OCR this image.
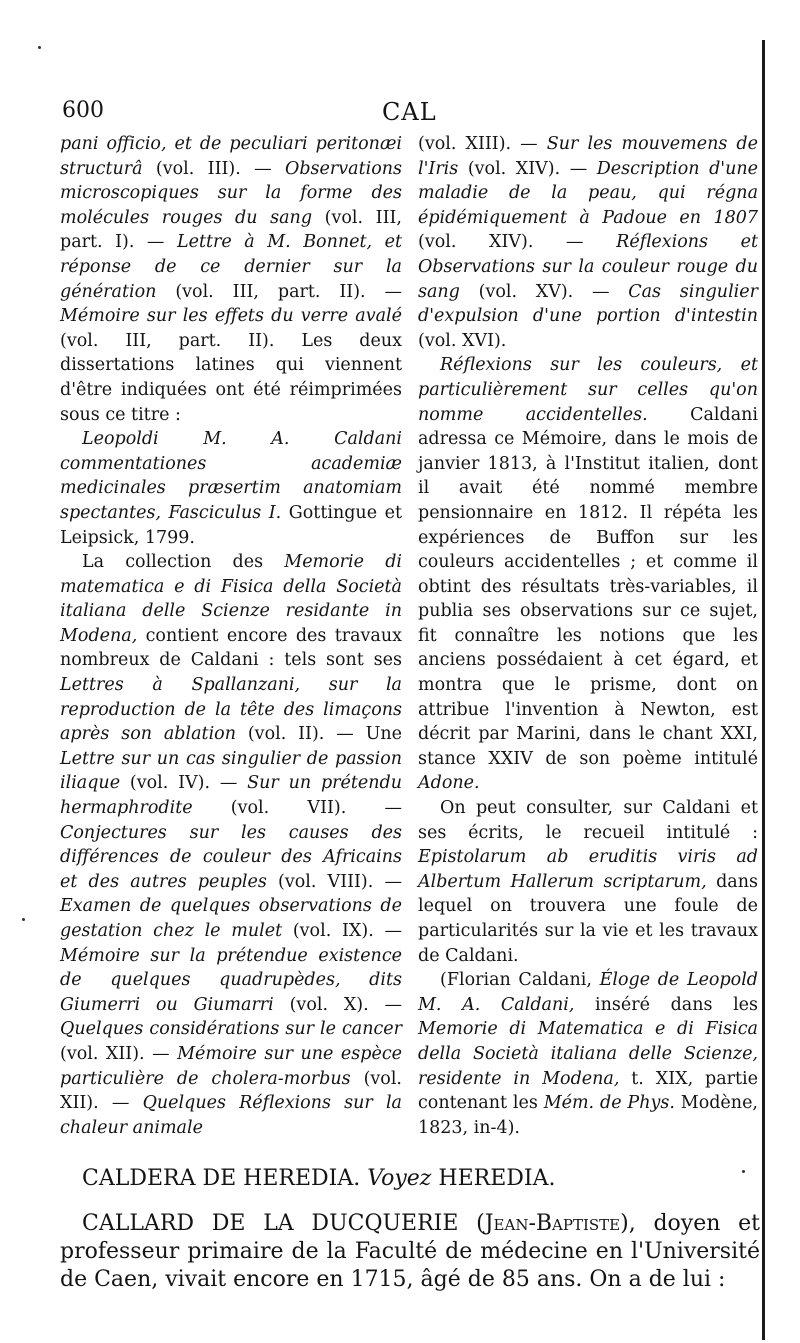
600	CAL

pani officio, et de peculiari peritonæi structurâ (vol. III). — Observations microscopiques sur la forme des molécules rouges du sang (vol. III, part. I). — Lettre à M. Bonnet, et réponse de ce dernier sur la génération (vol. III, part. II). — Mémoire sur les effets du verre avalé (vol. III, part. II). Les deux dissertations latines qui viennent d'être indiquées ont été réimprimées sous ce titre :

Leopoldi M. A. Caldani commentationes academiæ medicinales præsertim anatomiam spectantes, Fasciculus I. Gottingue et Leipsick, 1799.

La collection des Memorie di matematica e di Fisica della Società italiana delle Scienze residante in Modena, contient encore des travaux nombreux de Caldani : tels sont ses Lettres à Spallanzani, sur la reproduction de la tête des limaçons après son ablation (vol. II). — Une Lettre sur un cas singulier de passion iliaque (vol. IV). — Sur un prétendu hermaphrodite (vol. VII). — Conjectures sur les causes des différences de couleur des Africains et des autres peuples (vol. VIII). — Examen de quelques observations de gestation chez le mulet (vol. IX). — Mémoire sur la prétendue existence de quelques quadrupèdes, dits Giumerri ou Giumarri (vol. X). — Quelques considérations sur le cancer (vol. XII). — Mémoire sur une espèce particulière de cholera-morbus (vol. XII). — Quelques Réflexions sur la chaleur animale

(vol. XIII). — Sur les mouvemens de l'Iris (vol. XIV). — Description d'une maladie de la peau, qui régna épidémiquement à Padoue en 1807 (vol. XIV). — Réflexions et Observations sur la couleur rouge du sang (vol. XV). — Cas singulier d'expulsion d'une portion d'intestin (vol. XVI).

Réflexions sur les couleurs, et particulièrement sur celles qu'on nomme accidentelles. Caldani adressa ce Mémoire, dans le mois de janvier 1813, à l'Institut italien, dont il avait été nommé membre pensionnaire en 1812. Il répéta les expériences de Buffon sur les couleurs accidentelles ; et comme il obtint des résultats très-variables, il publia ses observations sur ce sujet, fit connaître les notions que les anciens possédaient à cet égard, et montra que le prisme, dont on attribue l'invention à Newton, est décrit par Marini, dans le chant XXI, stance XXIV de son poème intitulé Adone.

On peut consulter, sur Caldani et ses écrits, le recueil intitulé : Epistolarum ab eruditis viris ad Albertum Hallerum scriptarum, dans lequel on trouvera une foule de particularités sur la vie et les travaux de Caldani.

(Florian Caldani, Éloge de Leopold M. A. Caldani, inséré dans les Memorie di Matematica e di Fisica della Società italiana delle Scienze, residente in Modena, t. XIX, partie contenant les Mém. de Phys. Modène, 1823, in-4).

CALDERA DE HEREDIA. Voyez HEREDIA.

CALLARD DE LA DUCQUERIE (Jean-Baptiste), doyen et professeur primaire de la Faculté de médecine en l'Université de Caen, vivait encore en 1715, âgé de 85 ans. On a de lui :
